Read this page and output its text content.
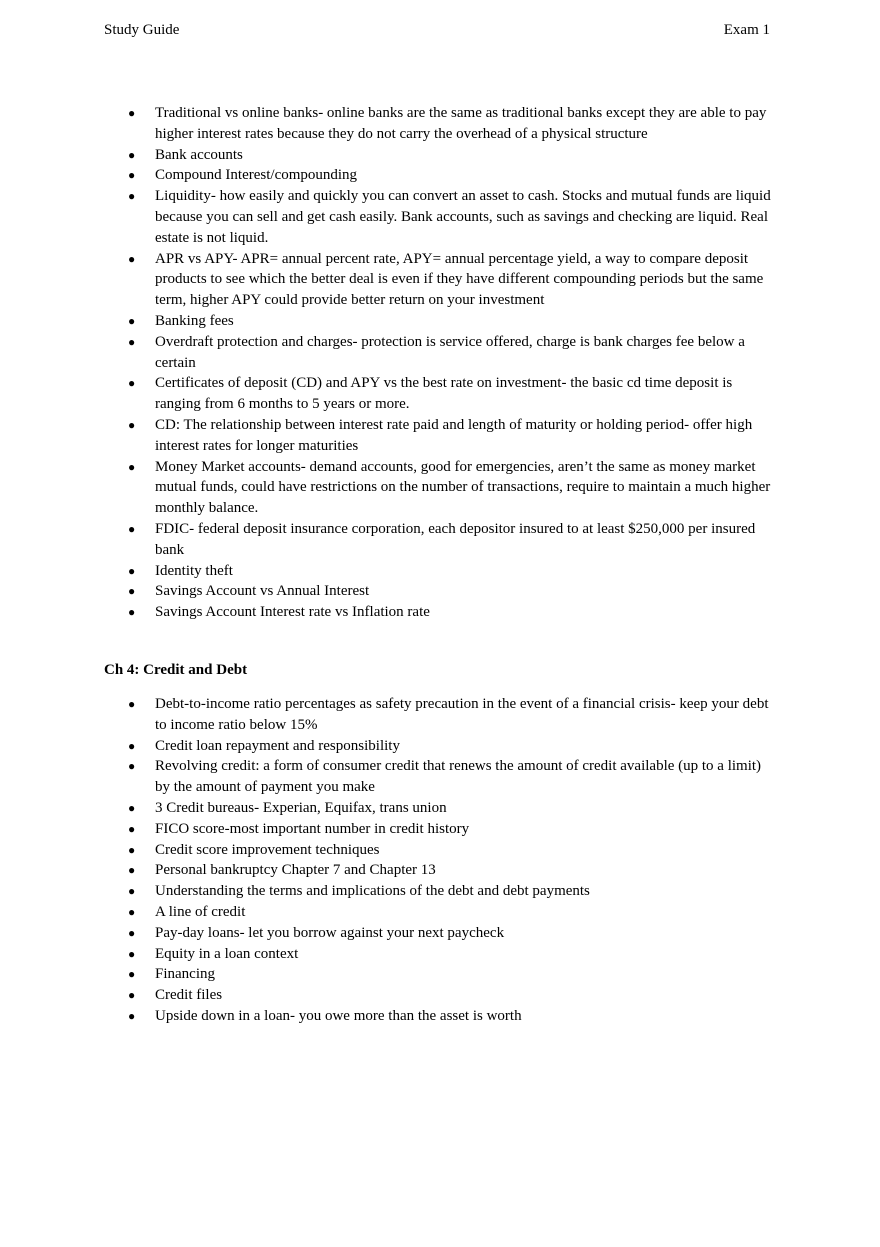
Study Guide	Exam 1
● Traditional vs online banks- online banks are the same as traditional banks except they are able to pay higher interest rates because they do not carry the overhead of a physical structure
● Bank accounts
● Compound Interest/compounding
● Liquidity- how easily and quickly you can convert an asset to cash. Stocks and mutual funds are liquid because you can sell and get cash easily. Bank accounts, such as savings and checking are liquid. Real estate is not liquid.
● APR vs APY- APR= annual percent rate, APY= annual percentage yield, a way to compare deposit products to see which the better deal is even if they have different compounding periods but the same term, higher APY could provide better return on your investment
● Banking fees
● Overdraft protection and charges- protection is service offered, charge is bank charges fee below a certain
● Certificates of deposit (CD) and APY vs the best rate on investment- the basic cd time deposit is ranging from 6 months to 5 years or more.
● CD: The relationship between interest rate paid and length of maturity or holding period- offer high interest rates for longer maturities
● Money Market accounts- demand accounts, good for emergencies, aren’t the same as money market mutual funds, could have restrictions on the number of transactions, require to maintain a much higher monthly balance.
● FDIC- federal deposit insurance corporation, each depositor insured to at least $250,000 per insured bank
● Identity theft
● Savings Account vs Annual Interest
● Savings Account Interest rate vs Inflation rate
Ch 4: Credit and Debt
● Debt-to-income ratio percentages as safety precaution in the event of a financial crisis- keep your debt to income ratio below 15%
● Credit loan repayment and responsibility
● Revolving credit: a form of consumer credit that renews the amount of credit available (up to a limit) by the amount of payment you make
● 3 Credit bureaus- Experian, Equifax, trans union
● FICO score-most important number in credit history
● Credit score improvement techniques
● Personal bankruptcy Chapter 7 and Chapter 13
● Understanding the terms and implications of the debt and debt payments
● A line of credit
● Pay-day loans- let you borrow against your next paycheck
● Equity in a loan context
● Financing
● Credit files
● Upside down in a loan- you owe more than the asset is worth
